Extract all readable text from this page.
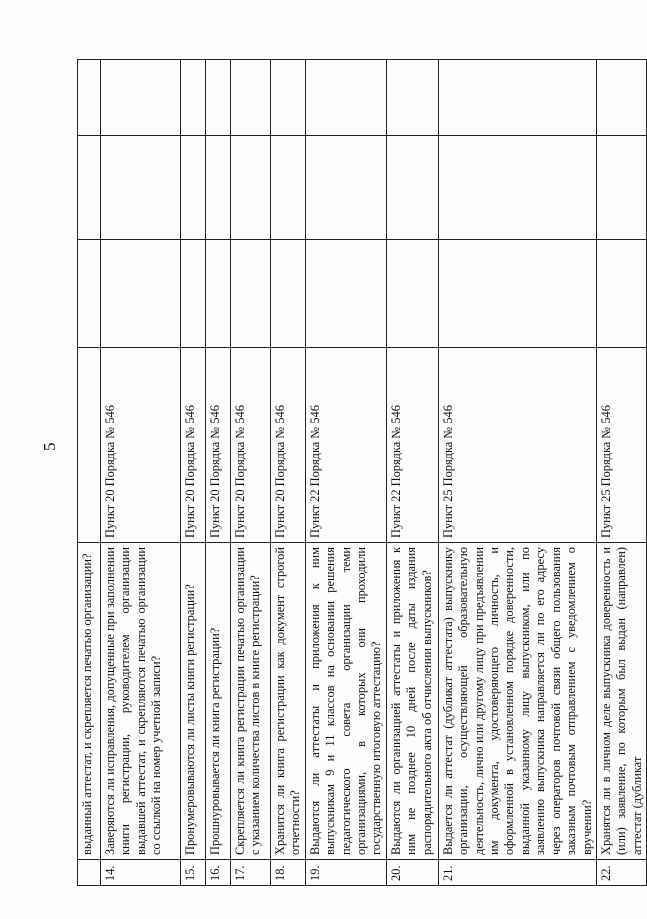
5
	выданный аттестат, и скрепляется печатью организации?				
14.	Заверяются ли исправления, допущенные при заполнении книги регистрации, руководителем организации выдавшей аттестат, и скрепляются печатью организации со ссылкой на номер учетной записи?	Пункт 20 Порядка № 546			
15.	Пронумеровываются ли листы книги регистрации?	Пункт 20 Порядка № 546			
16.	Прошнуровывается ли книга регистрации?	Пункт 20 Порядка № 546			
17.	Скрепляется ли книга регистрации печатью организации с указанием количества листов в книге регистрации?	Пункт 20 Порядка № 546			
18.	Хранится ли книга регистрации как документ строгой отчетности?	Пункт 20 Порядка № 546			
19.	Выдаются ли аттестаты и приложения к ним выпускникам 9 и 11 классов на основании решения педагогического совета организации теми организациями, в которых они проходили государственную итоговую аттестацию?	Пункт 22 Порядка № 546			
20.	Выдаются ли организацией аттестаты и приложения к ним не позднее 10 дней после даты издания распорядительного акта об отчислении выпускников?	Пункт 22 Порядка № 546			
21.	Выдается ли аттестат (дубликат аттестата) выпускнику организации, осуществляющей образовательную деятельность, лично или другому лицу при предъявлении им документа, удостоверяющего личность, и оформленной в установленном порядке доверенности, выданной указанному лицу выпускником, или по заявлению выпускника направляется ли по его адресу через операторов почтовой связи общего пользования заказным почтовым отправлением с уведомлением о вручении?	Пункт 25 Порядка № 546			
22.	Хранятся ли в личном деле выпускника доверенность и (или) заявление, по которым был выдан (направлен) аттестат (дубликат	Пункт 25 Порядка № 546			
